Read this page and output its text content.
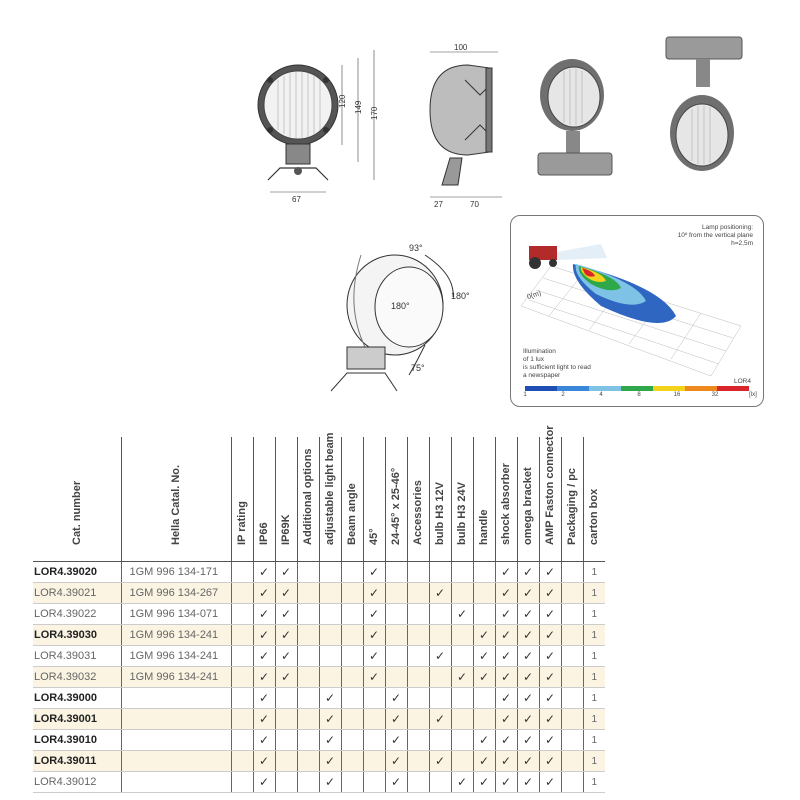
120 149 170
67
100
27	70
93°
180°
180°
75°
Lamp positioning:
10º from the vertical plane
h=2,5m
0(m)
Illumination
of 1 lux
is sufficient light to read
a newspaper
LOR4
1	2	4	8	16	32	[lx]
Cat. number	Hella Catal. No.	IP rating	IP66	IP69K	Additional options	adjustable light beam	Beam angle	45°	24-45° x 25-46°	Accessories	bulb H3 12V	bulb H3 24V	handle	shock absorber	omega bracket	AMP Faston connector	Packaging / pc	carton box

LOR4.39020	1GM 996 134-171		✓	✓				✓						✓	✓	✓		1
LOR4.39021	1GM 996 134-267		✓	✓				✓			✓			✓	✓	✓		1
LOR4.39022	1GM 996 134-071		✓	✓				✓				✓		✓	✓	✓		1
LOR4.39030	1GM 996 134-241		✓	✓				✓					✓	✓	✓	✓		1
LOR4.39031	1GM 996 134-241		✓	✓				✓			✓		✓	✓	✓	✓		1
LOR4.39032	1GM 996 134-241		✓	✓				✓				✓	✓	✓	✓	✓		1
LOR4.39000			✓			✓			✓					✓	✓	✓		1
LOR4.39001			✓			✓			✓		✓			✓	✓	✓		1
LOR4.39010			✓			✓			✓				✓	✓	✓	✓		1
LOR4.39011			✓			✓			✓		✓		✓	✓	✓	✓		1
LOR4.39012			✓			✓			✓			✓	✓	✓	✓	✓		1
